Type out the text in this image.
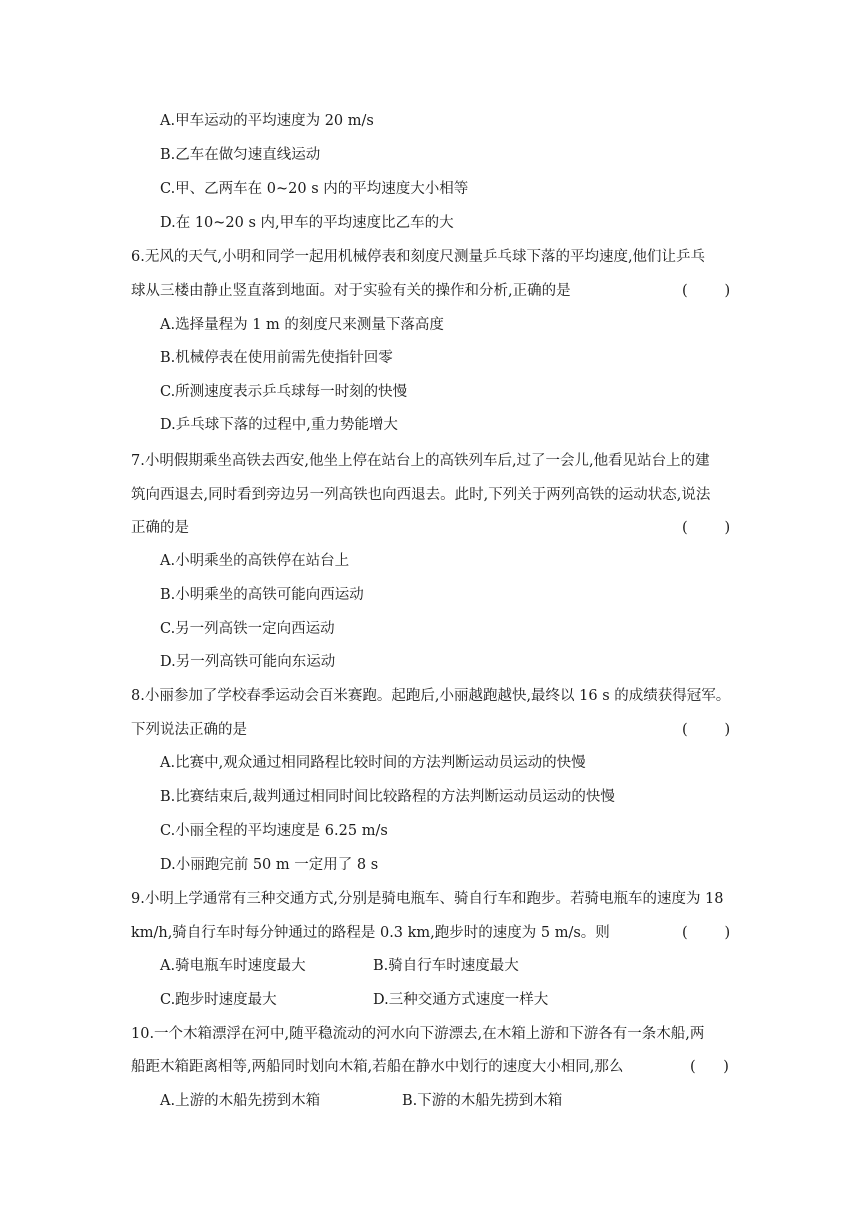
A.甲车运动的平均速度为 20 m/s
B.乙车在做匀速直线运动
C.甲、乙两车在 0~20 s 内的平均速度大小相等
D.在 10~20 s 内,甲车的平均速度比乙车的大
6.无风的天气,小明和同学一起用机械停表和刻度尺测量乒乓球下落的平均速度,他们让乒乓
球从三楼由静止竖直落到地面。对于实验有关的操作和分析,正确的是	(        )
A.选择量程为 1 m 的刻度尺来测量下落高度
B.机械停表在使用前需先使指针回零
C.所测速度表示乒乓球每一时刻的快慢
D.乒乓球下落的过程中,重力势能增大
7.小明假期乘坐高铁去西安,他坐上停在站台上的高铁列车后,过了一会儿,他看见站台上的建
筑向西退去,同时看到旁边另一列高铁也向西退去。此时,下列关于两列高铁的运动状态,说法
正确的是	(        )
A.小明乘坐的高铁停在站台上
B.小明乘坐的高铁可能向西运动
C.另一列高铁一定向西运动
D.另一列高铁可能向东运动
8.小丽参加了学校春季运动会百米赛跑。起跑后,小丽越跑越快,最终以 16 s 的成绩获得冠军。
下列说法正确的是	(        )
A.比赛中,观众通过相同路程比较时间的方法判断运动员运动的快慢
B.比赛结束后,裁判通过相同时间比较路程的方法判断运动员运动的快慢
C.小丽全程的平均速度是 6.25 m/s
D.小丽跑完前 50 m 一定用了 8 s
9.小明上学通常有三种交通方式,分别是骑电瓶车、骑自行车和跑步。若骑电瓶车的速度为 18
km/h,骑自行车时每分钟通过的路程是 0.3 km,跑步时的速度为 5 m/s。则	(        )
A.骑电瓶车时速度最大	B.骑自行车时速度最大
C.跑步时速度最大	D.三种交通方式速度一样大
10.一个木箱漂浮在河中,随平稳流动的河水向下游漂去,在木箱上游和下游各有一条木船,两
船距木箱距离相等,两船同时划向木箱,若船在静水中划行的速度大小相同,那么	(      )
A.上游的木船先捞到木箱	B.下游的木船先捞到木箱
